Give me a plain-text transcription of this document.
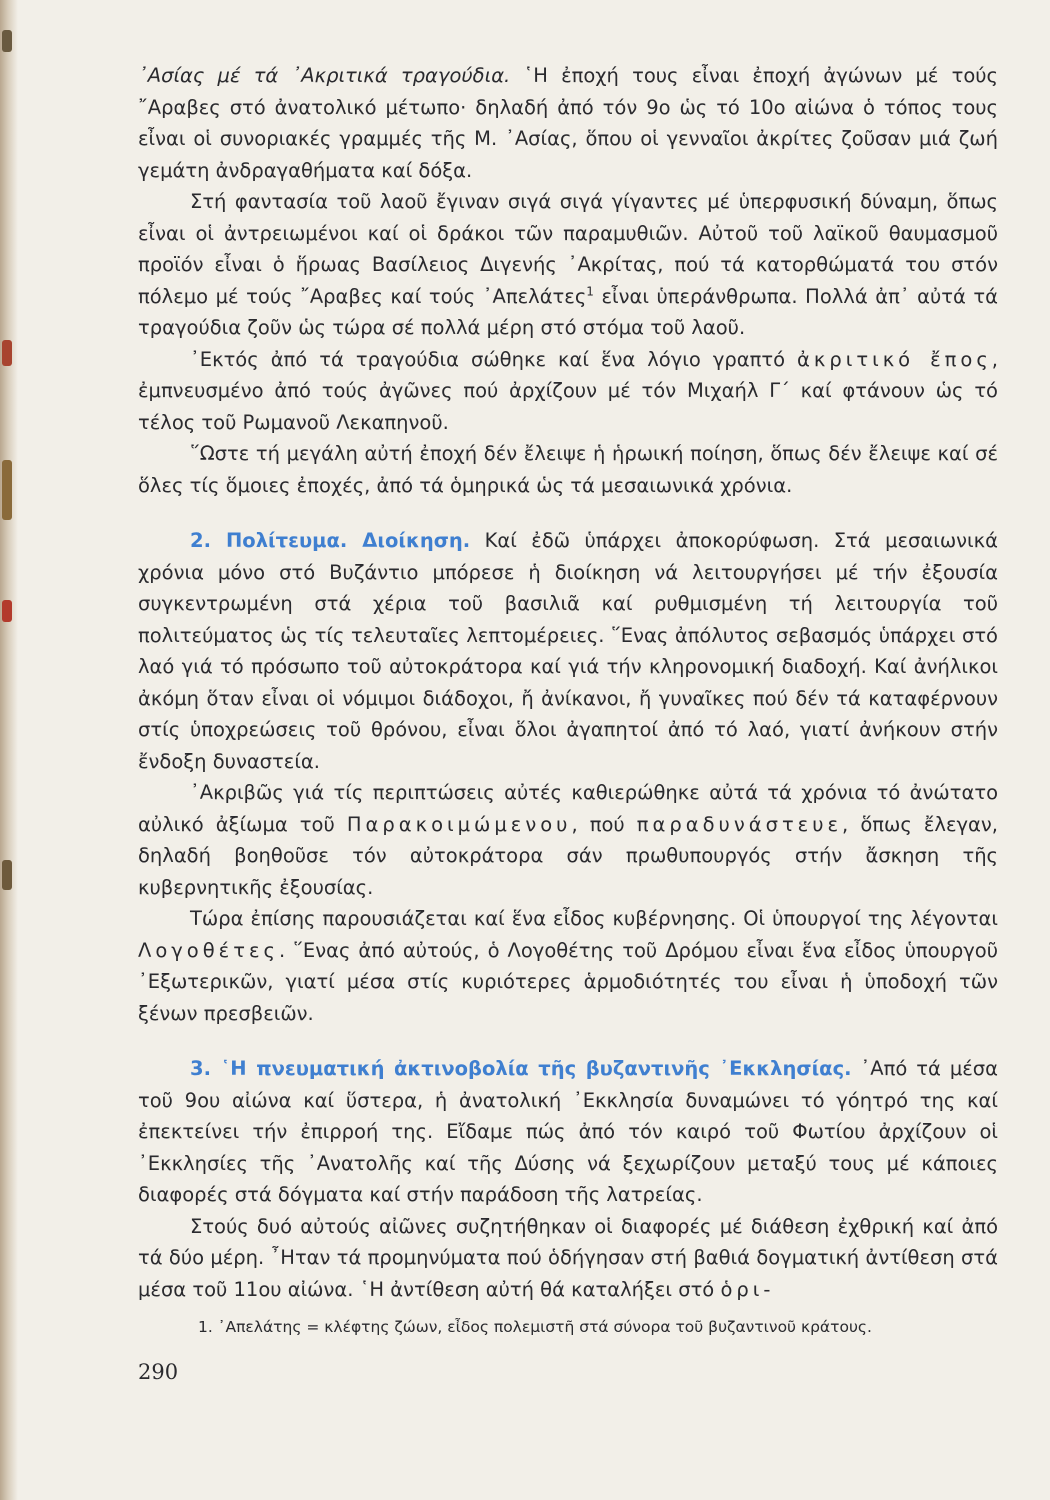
᾿Ασίας μέ τά ᾿Ακριτικά τραγούδια. ῾Η ἐποχή τους εἶναι ἐποχή ἀγώνων μέ τούς ῎Αραβες στό ἀνατολικό μέτωπο· δηλαδή ἀπό τόν 9ο ὡς τό 10ο αἰώνα ὁ τόπος τους εἶναι οἱ συνοριακές γραμμές τῆς Μ. ᾿Ασίας, ὅπου οἱ γενναῖοι ἀκρίτες ζοῦσαν μιά ζωή γεμάτη ἀνδραγαθήματα καί δόξα.

Στή φαντασία τοῦ λαοῦ ἔγιναν σιγά σιγά γίγαντες μέ ὑπερφυσική δύναμη, ὅπως εἶναι οἱ ἀντρειωμένοι καί οἱ δράκοι τῶν παραμυθιῶν. Αὐτοῦ τοῦ λαϊκοῦ θαυμασμοῦ προϊόν εἶναι ὁ ἥρωας Βασίλειος Διγενής ᾿Ακρίτας, πού τά κατορθώματά του στόν πόλεμο μέ τούς ῎Αραβες καί τούς ᾿Απελάτες$^1$ εἶναι ὑπεράνθρωπα. Πολλά ἀπ᾿ αὐτά τά τραγούδια ζοῦν ὡς τώρα σέ πολλά μέρη στό στόμα τοῦ λαοῦ.

᾿Εκτός ἀπό τά τραγούδια σώθηκε καί ἕνα λόγιο γραπτό ἀκριτικό ἔπος, ἐμπνευσμένο ἀπό τούς ἀγῶνες πού ἀρχίζουν μέ τόν Μιχαήλ Γ΄ καί φτάνουν ὡς τό τέλος τοῦ Ρωμανοῦ Λεκαπηνοῦ.

῞Ωστε τή μεγάλη αὐτή ἐποχή δέν ἔλειψε ἡ ἡρωική ποίηση, ὅπως δέν ἔλειψε καί σέ ὅλες τίς ὅμοιες ἐποχές, ἀπό τά ὁμηρικά ὡς τά μεσαιωνικά χρόνια.

2. Πολίτευμα. Διοίκηση. Καί ἐδῶ ὑπάρχει ἀποκορύφωση. Στά μεσαιωνικά χρόνια μόνο στό Βυζάντιο μπόρεσε ἡ διοίκηση νά λειτουργήσει μέ τήν ἐξουσία συγκεντρωμένη στά χέρια τοῦ βασιλιᾶ καί ρυθμισμένη τή λειτουργία τοῦ πολιτεύματος ὡς τίς τελευταῖες λεπτομέρειες. ῞Ενας ἀπόλυτος σεβασμός ὑπάρχει στό λαό γιά τό πρόσωπο τοῦ αὐτοκράτορα καί γιά τήν κληρονομική διαδοχή. Καί ἀνήλικοι ἀκόμη ὅταν εἶναι οἱ νόμιμοι διάδοχοι, ἤ ἀνίκανοι, ἤ γυναῖκες πού δέν τά καταφέρνουν στίς ὑποχρεώσεις τοῦ θρόνου, εἶναι ὅλοι ἀγαπητοί ἀπό τό λαό, γιατί ἀνήκουν στήν ἔνδοξη δυναστεία.

᾿Ακριβῶς γιά τίς περιπτώσεις αὐτές καθιερώθηκε αὐτά τά χρόνια τό ἀνώτατο αὐλικό ἀξίωμα τοῦ Παρακοιμώμενου, πού παραδυνάστευε, ὅπως ἔλεγαν, δηλαδή βοηθοῦσε τόν αὐτοκράτορα σάν πρωθυπουργός στήν ἄσκηση τῆς κυβερνητικῆς ἐξουσίας.

Τώρα ἐπίσης παρουσιάζεται καί ἕνα εἶδος κυβέρνησης. Οἱ ὑπουργοί της λέγονται Λογοθέτες. ῞Ενας ἀπό αὐτούς, ὁ Λογοθέτης τοῦ Δρόμου εἶναι ἕνα εἶδος ὑπουργοῦ ᾿Εξωτερικῶν, γιατί μέσα στίς κυριότερες ἁρμοδιότητές του εἶναι ἡ ὑποδοχή τῶν ξένων πρεσβειῶν.

3. ῾Η πνευματική ἀκτινοβολία τῆς βυζαντινῆς ᾿Εκκλησίας. ᾿Από τά μέσα τοῦ 9ου αἰώνα καί ὕστερα, ἡ ἀνατολική ᾿Εκκλησία δυναμώνει τό γόητρό της καί ἐπεκτείνει τήν ἐπιρροή της. Εἴδαμε πώς ἀπό τόν καιρό τοῦ Φωτίου ἀρχίζουν οἱ ᾿Εκκλησίες τῆς ᾿Ανατολῆς καί τῆς Δύσης νά ξεχωρίζουν μεταξύ τους μέ κάποιες διαφορές στά δόγματα καί στήν παράδοση τῆς λατρείας.

Στούς δυό αὐτούς αἰῶνες συζητήθηκαν οἱ διαφορές μέ διάθεση ἐχθρική καί ἀπό τά δύο μέρη. ῏Ηταν τά προμηνύματα πού ὁδήγησαν στή βαθιά δογματική ἀντίθεση στά μέσα τοῦ 11ου αἰώνα. ῾Η ἀντίθεση αὐτή θά καταλήξει στό ὁρι-

1. ᾿Απελάτης = κλέφτης ζώων, εἶδος πολεμιστῆ στά σύνορα τοῦ βυζαντινοῦ κράτους.
290
